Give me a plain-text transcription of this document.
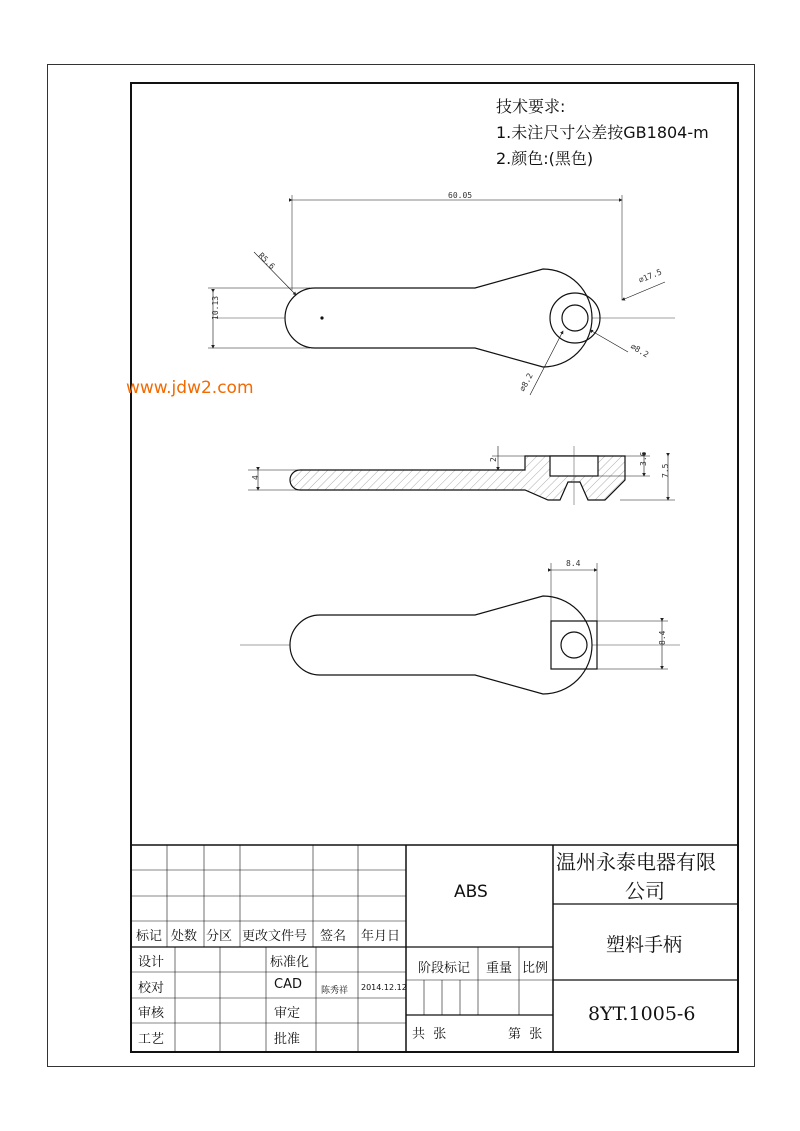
技术要求:
1.未注尺寸公差按GB1804-m
2.颜色:(黑色)
www.jdw2.com
60.05
10.13
R5.6
⌀17.5
⌀8.2
⌀8.2
4
2	3.6
7.5
8.4
8.4
ABS
温州永泰电器有限
公司
塑料手柄
8YT.1005-6
标记 处数 分区 更改文件号 签名 年月日
设计	标准化
校对	CAD 陈秀祥 2014.12.12
审核	审定
工艺	批准
阶段标记 重量 比例
共  张	第  张
